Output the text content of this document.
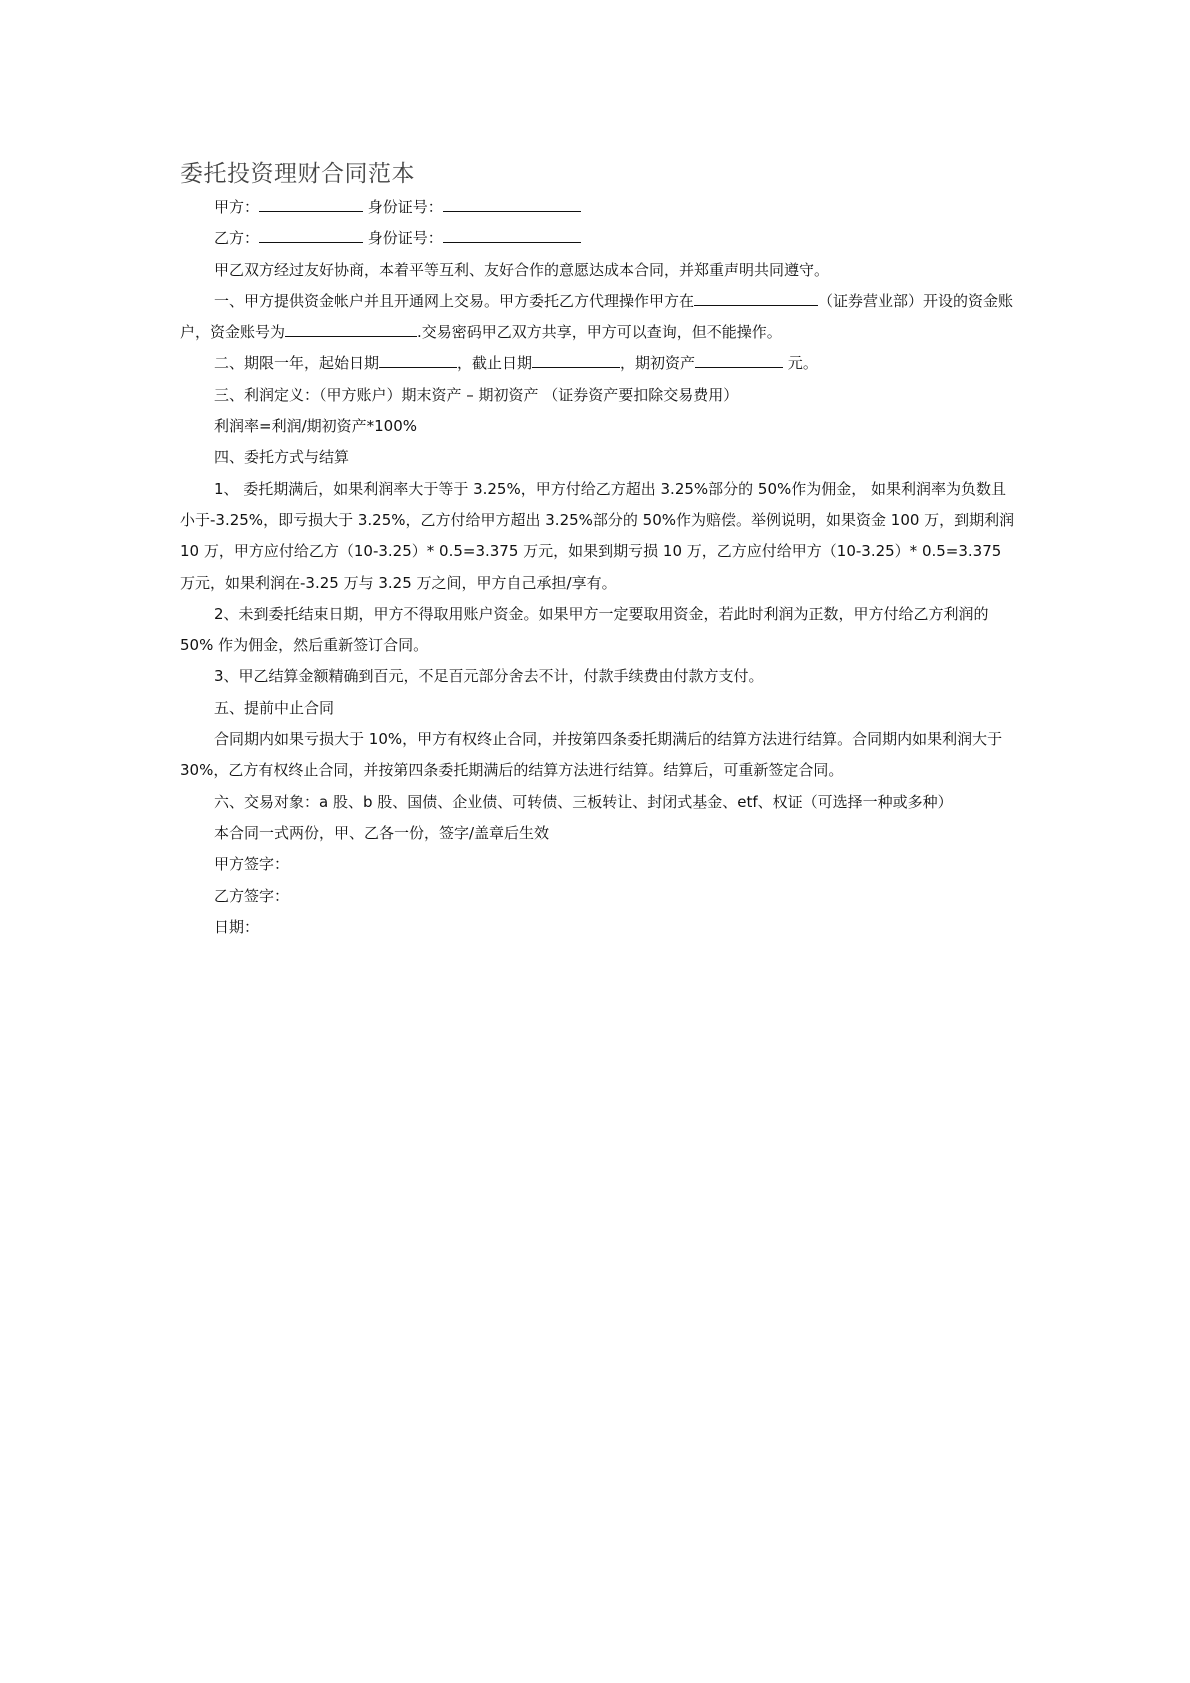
委托投资理财合同范本

甲方：	身份证号：

乙方：	身份证号：

甲乙双方经过友好协商，本着平等互利、友好合作的意愿达成本合同，并郑重声明共同遵守。

一、甲方提供资金帐户并且开通网上交易。甲方委托乙方代理操作甲方在	（证券营业部）开设的资金账户，资金账号为	.交易密码甲乙双方共享，甲方可以查询，但不能操作。

二、期限一年，起始日期	，截止日期	，期初资产	元。

三、利润定义：（甲方账户）期末资产 – 期初资产 （证券资产要扣除交易费用）

利润率=利润/期初资产*100%

四、委托方式与结算

1、 委托期满后，如果利润率大于等于 3.25%，甲方付给乙方超出 3.25%部分的 50%作为佣金， 如果利润率为负数且小于-3.25%，即亏损大于 3.25%，乙方付给甲方超出 3.25%部分的 50%作为赔偿。举例说明，如果资金 100 万，到期利润 10 万，甲方应付给乙方（10-3.25）* 0.5=3.375 万元，如果到期亏损 10 万，乙方应付给甲方（10-3.25）* 0.5=3.375 万元，如果利润在-3.25 万与 3.25 万之间，甲方自己承担/享有。

2、未到委托结束日期，甲方不得取用账户资金。如果甲方一定要取用资金，若此时利润为正数，甲方付给乙方利润的 50% 作为佣金，然后重新签订合同。

3、甲乙结算金额精确到百元，不足百元部分舍去不计，付款手续费由付款方支付。

五、提前中止合同

合同期内如果亏损大于 10%，甲方有权终止合同，并按第四条委托期满后的结算方法进行结算。合同期内如果利润大于 30%，乙方有权终止合同，并按第四条委托期满后的结算方法进行结算。结算后，可重新签定合同。

六、交易对象：a 股、b 股、国债、企业债、可转债、三板转让、封闭式基金、etf、权证（可选择一种或多种）

本合同一式两份，甲、乙各一份，签字/盖章后生效

甲方签字：

乙方签字：

日期：
